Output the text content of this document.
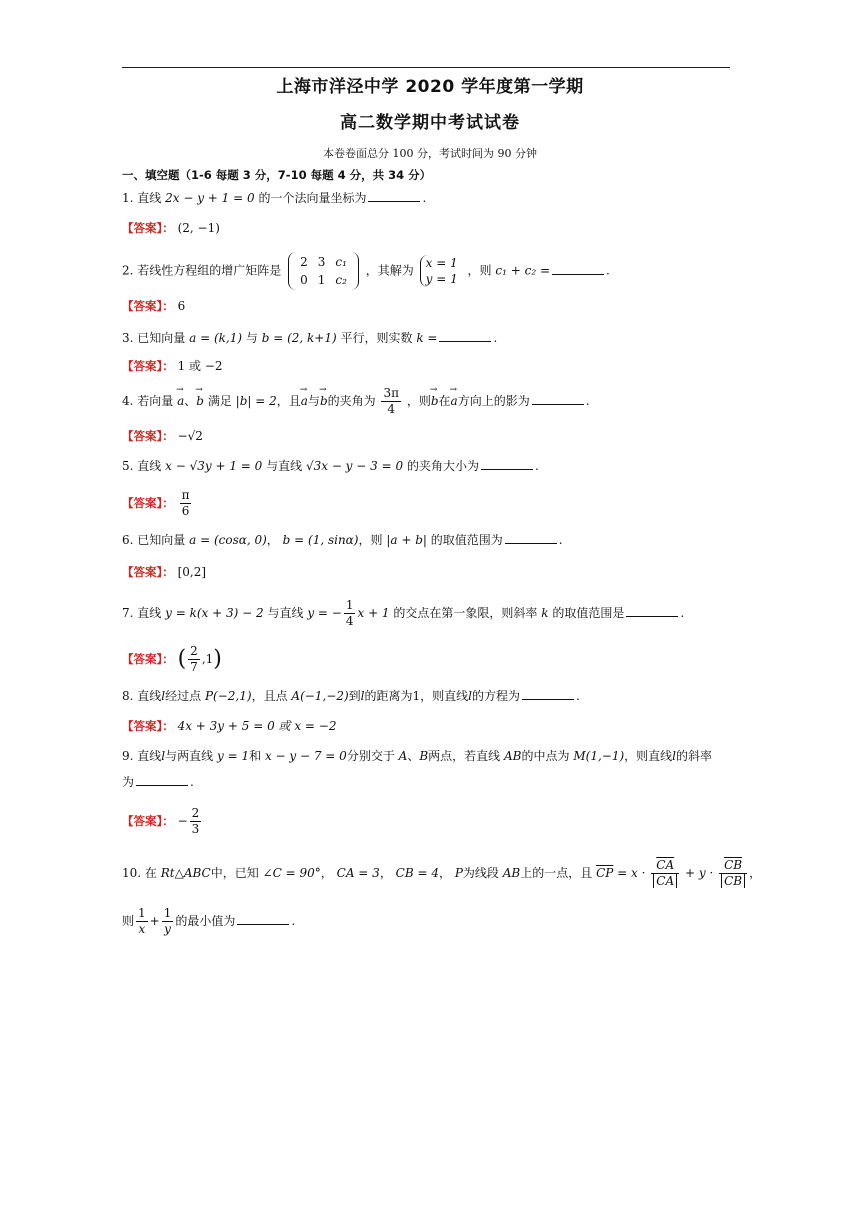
上海市洋泾中学 2020 学年度第一学期
高二数学期中考试试卷
本卷卷面总分 100 分，考试时间为 90 分钟
一、填空题（1-6 每题 3 分，7-10 每题 4 分，共 34 分）
1. 直线 2x − y + 1 = 0 的一个法向量坐标为	.
【答案】： (2, −1)
2. 若线性方程组的增广矩阵是
2	3	c₁
0	1	c₂
，其解为
x = 1
y = 1
，则 c₁ + c₂ =	.
【答案】： 6
3. 已知向量 a = (k,1) 与 b = (2, k+1) 平行，则实数 k =	.
【答案】： 1 或 −2
4. 若向量 → a、→ b 满足 |b| = 2，且→ a与→ b的夹角为 $\frac{3\pi}{4}$ ，则→ b在→ a方向上的影为	.
【答案】： −√2
5. 直线 x − √3y + 1 = 0 与直线 √3x − y − 3 = 0 的夹角大小为	.
【答案】： $\frac{\pi}{6}$
6. 已知向量 a = (cosα, 0)， b = (1, sinα)，则 |a + b| 的取值范围为	.
【答案】： [0,2]
7. 直线 y = k(x + 3) − 2 与直线 y = − $\frac{1}{4}$ x + 1 的交点在第一象限，则斜率 k 的取值范围是	.
【答案】： ( $\frac{2}{7} ,1$)
8. 直线l经过点 P(−2,1)，且点 A(−1,−2)到l的距离为1，则直线l的方程为	.
【答案】： 4x + 3y + 5 = 0 或 x = −2
9. 直线l与两直线 y = 1和 x − y − 7 = 0分别交于 A、B两点，若直线 AB的中点为 M(1,−1)，则直线l的斜率
为	.
【答案】： − $\frac{2}{3}$
10. 在 Rt△ABC中，已知 ∠C = 90°， CA = 3， CB = 4， P为线段 AB上的一点，且 $\overline{CP} = x \cdot \frac{\overline{CA}}{CA} + y \cdot \frac{\overline{CB}}{CB}$ ，
则 $\frac{1}{x} + \frac{1}{y}$ 的最小值为	.
